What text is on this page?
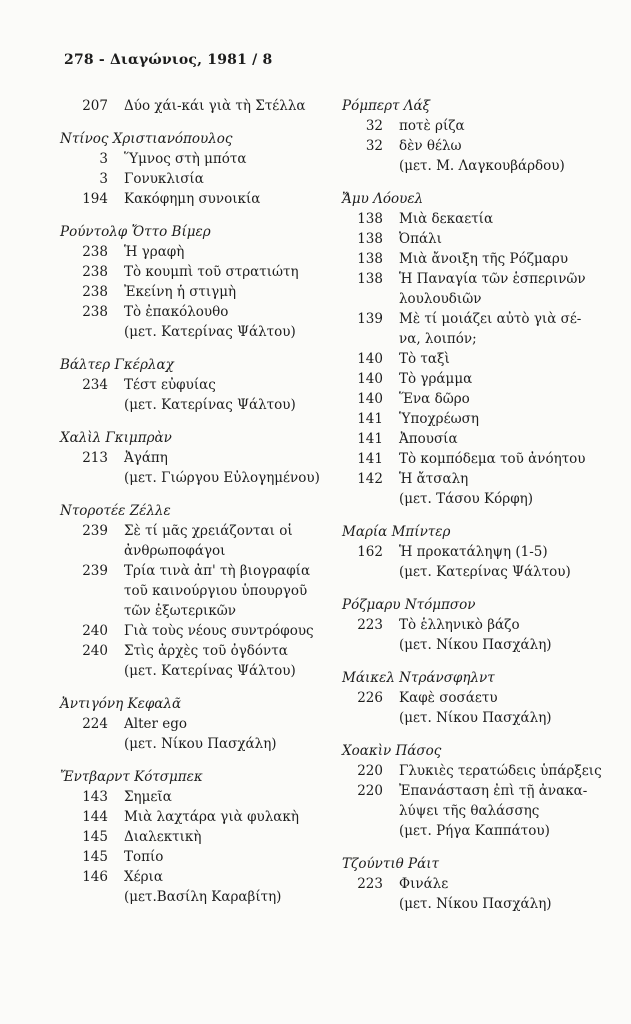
278 - Διαγώνιος, 1981 / 8
207 Δύο χάι-κάι γιὰ τὴ Στέλλα
Ντίνος Χριστιανόπουλος
3 Ὕμνος στὴ μπότα
3 Γονυκλισία
194 Κακόφημη συνοικία
Ρούντολφ Ὄττο Βίμερ
238 Ἡ γραφὴ
238 Τὸ κουμπὶ τοῦ στρατιώτη
238 Ἐκείνη ἡ στιγμὴ
238 Τὸ ἐπακόλουθο
(μετ. Κατερίνας Ψάλτου)
Βάλτερ Γκέρλαχ
234 Τέστ εὐφυίας
(μετ. Κατερίνας Ψάλτου)
Χαλὶλ Γκιμπρὰν
213 Ἀγάπη
(μετ. Γιώργου Εὐλογημένου)
Ντοροτέε Ζέλλε
239 Σὲ τί μᾶς χρειάζονται οἱ
ἀνθρωποφάγοι
239 Τρία τινὰ ἀπ' τὴ βιογραφία
τοῦ καινούργιου ὑπουργοῦ
τῶν ἐξωτερικῶν
240 Γιὰ τοὺς νέους συντρόφους
240 Στὶς ἀρχὲς τοῦ ὀγδόντα
(μετ. Κατερίνας Ψάλτου)
Ἀντιγόνη Κεφαλᾶ
224 Alter ego
(μετ. Νίκου Πασχάλη)
Ἔντβαρντ Κότσμπεκ
143 Σημεῖα
144 Μιὰ λαχτάρα γιὰ φυλακὴ
145 Διαλεκτικὴ
145 Τοπίο
146 Χέρια
(μετ.Βασίλη Καραβίτη)
Ρόμπερτ Λάξ
32 ποτὲ ρίζα
32 δὲν θέλω
(μετ. Μ. Λαγκουβάρδου)
Ἄμυ Λόουελ
138 Μιὰ δεκαετία
138 Ὀπάλι
138 Μιὰ ἄνοιξη τῆς Ρόζμαρυ
138 Ἡ Παναγία τῶν ἑσπερινῶν
λουλουδιῶν
139 Μὲ τί μοιάζει αὐτὸ γιὰ σέ-
να, λοιπόν;
140 Τὸ ταξὶ
140 Τὸ γράμμα
140 Ἕνα δῶρο
141 Ὑποχρέωση
141 Ἀπουσία
141 Τὸ κομπόδεμα τοῦ ἀνόητου
142 Ἡ ἄτσαλη
(μετ. Τάσου Κόρφη)
Μαρία Μπίντερ
162 Ἡ προκατάληψη (1-5)
(μετ. Κατερίνας Ψάλτου)
Ρόζμαρυ Ντόμπσον
223 Τὸ ἑλληνικὸ βάζο
(μετ. Νίκου Πασχάλη)
Μάικελ Ντράνσφηλντ
226 Καφὲ σοσάετυ
(μετ. Νίκου Πασχάλη)
Χοακὶν Πάσος
220 Γλυκιὲς τερατώδεις ὑπάρξεις
220 Ἐπανάσταση ἐπὶ τῇ ἀνακα-
λύψει τῆς θαλάσσης
(μετ. Ρήγα Καππάτου)
Τζούντιθ Ράιτ
223 Φινάλε
(μετ. Νίκου Πασχάλη)
